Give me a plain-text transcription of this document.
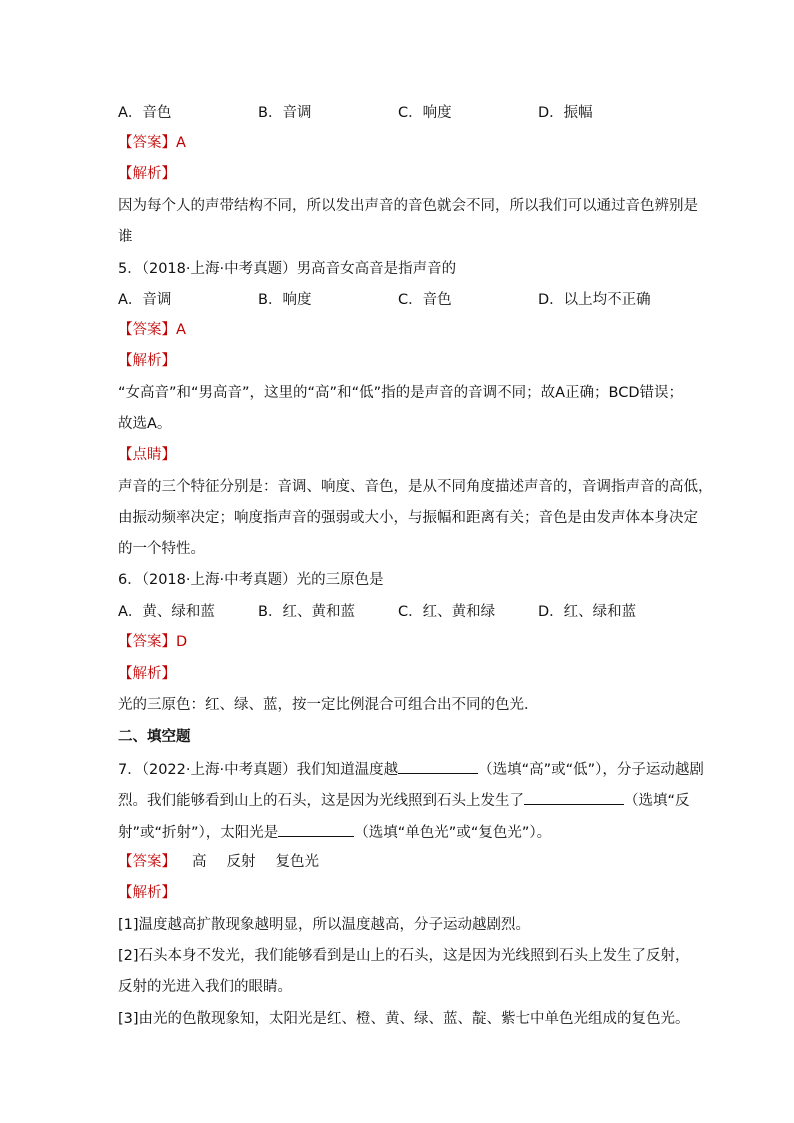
A．音色	B．音调	C．响度	D．振幅
【答案】A
【解析】
因为每个人的声带结构不同，所以发出声音的音色就会不同，所以我们可以通过音色辨别是
谁
5．（2018·上海·中考真题）男高音女高音是指声音的
A．音调	B．响度	C．音色	D．以上均不正确
【答案】A
【解析】
“女高音”和“男高音”，这里的“高”和“低”指的是声音的音调不同；故A正确；BCD错误；
故选A。
【点睛】
声音的三个特征分别是：音调、响度、音色，是从不同角度描述声音的，音调指声音的高低，
由振动频率决定；响度指声音的强弱或大小，与振幅和距离有关；音色是由发声体本身决定
的一个特性。
6．（2018·上海·中考真题）光的三原色是
A．黄、绿和蓝	B．红、黄和蓝	C．红、黄和绿	D．红、绿和蓝
【答案】D
【解析】
光的三原色：红、绿、蓝，按一定比例混合可组合出不同的色光．
二、填空题
7．（2022·上海·中考真题）我们知道温度越	（选填“高”或“低”），分子运动越剧
烈。我们能够看到山上的石头，这是因为光线照到石头上发生了	（选填“反
射”或“折射”），太阳光是	（选填“单色光”或“复色光”）。
【答案】 高 反射 复色光
【解析】
[1]温度越高扩散现象越明显，所以温度越高，分子运动越剧烈。
[2]石头本身不发光，我们能够看到是山上的石头，这是因为光线照到石头上发生了反射，
反射的光进入我们的眼睛。
[3]由光的色散现象知，太阳光是红、橙、黄、绿、蓝、靛、紫七中单色光组成的复色光。
